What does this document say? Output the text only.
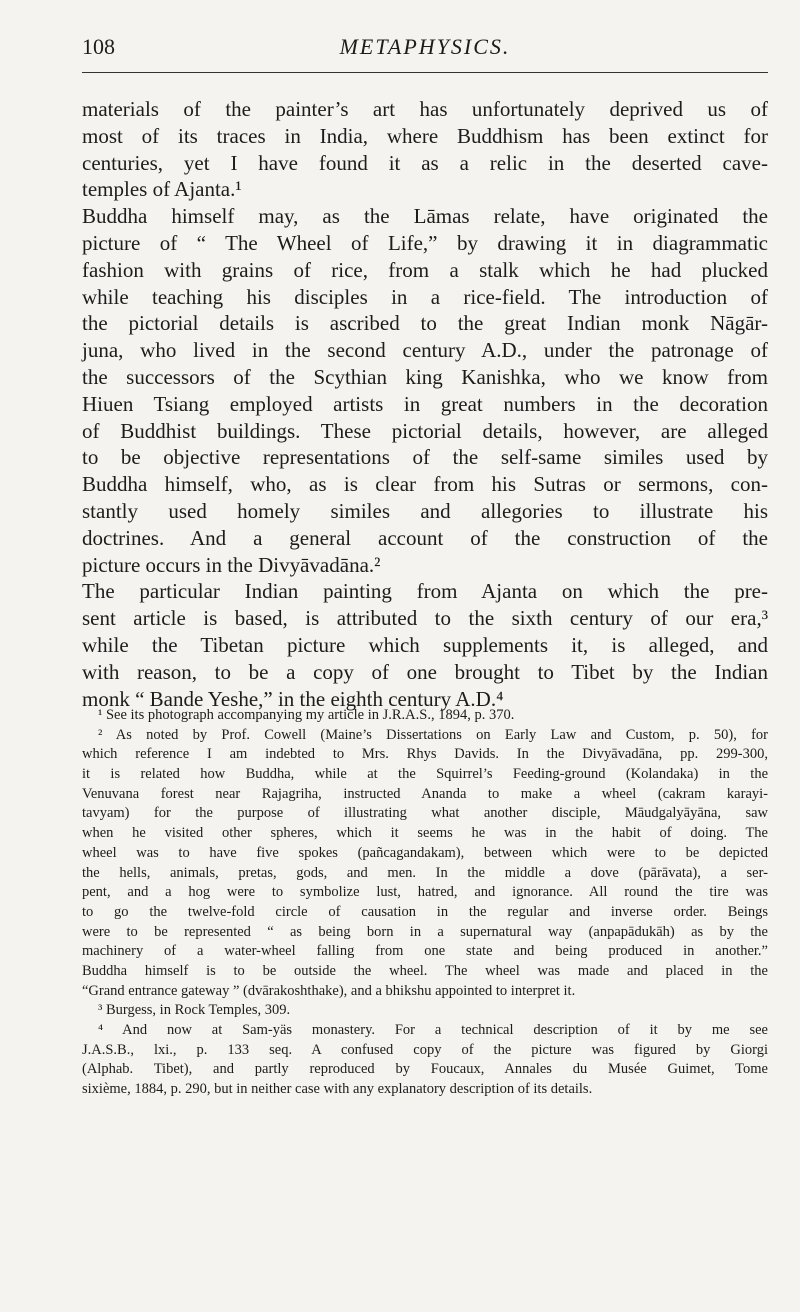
108	METAPHYSICS.
materials of the painter’s art has unfortunately deprived us of
most of its traces in India, where Buddhism has been extinct for
centuries, yet I have found it as a relic in the deserted cave-
temples of Ajanta.¹
Buddha himself may, as the Lāmas relate, have originated the
picture of “ The Wheel of Life,” by drawing it in diagrammatic
fashion with grains of rice, from a stalk which he had plucked
while teaching his disciples in a rice-field. The introduction of
the pictorial details is ascribed to the great Indian monk Nāgār-
juna, who lived in the second century A.D., under the patronage of
the successors of the Scythian king Kanishka, who we know from
Hiuen Tsiang employed artists in great numbers in the decoration
of Buddhist buildings. These pictorial details, however, are alleged
to be objective representations of the self-same similes used by
Buddha himself, who, as is clear from his Sutras or sermons, con-
stantly used homely similes and allegories to illustrate his
doctrines. And a general account of the construction of the
picture occurs in the Divyāvadāna.²
The particular Indian painting from Ajanta on which the pre-
sent article is based, is attributed to the sixth century of our era,³
while the Tibetan picture which supplements it, is alleged, and
with reason, to be a copy of one brought to Tibet by the Indian
monk “ Bande Yeshe,” in the eighth century A.D.⁴
¹ See its photograph accompanying my article in J.R.A.S., 1894, p. 370.
² As noted by Prof. Cowell (Maine’s Dissertations on Early Law and Custom, p. 50), for
which reference I am indebted to Mrs. Rhys Davids. In the Divyāvadāna, pp. 299-300,
it is related how Buddha, while at the Squirrel’s Feeding-ground (Kolandaka) in the
Venuvana forest near Rajagriha, instructed Ananda to make a wheel (cakram karayi-
tavyam) for the purpose of illustrating what another disciple, Māudgalyāyāna, saw
when he visited other spheres, which it seems he was in the habit of doing. The
wheel was to have five spokes (pañcagandakam), between which were to be depicted
the hells, animals, pretas, gods, and men. In the middle a dove (pārāvata), a ser-
pent, and a hog were to symbolize lust, hatred, and ignorance. All round the tire was
to go the twelve-fold circle of causation in the regular and inverse order. Beings
were to be represented “ as being born in a supernatural way (anpapādukāh) as by the
machinery of a water-wheel falling from one state and being produced in another.”
Buddha himself is to be outside the wheel. The wheel was made and placed in the
“Grand entrance gateway ” (dvārakoshthake), and a bhikshu appointed to interpret it.
³ Burgess, in Rock Temples, 309.
⁴ And now at Sam-yäs monastery. For a technical description of it by me see
J.A.S.B., lxi., p. 133 seq. A confused copy of the picture was figured by Giorgi
(Alphab. Tibet), and partly reproduced by Foucaux, Annales du Musée Guimet, Tome
sixième, 1884, p. 290, but in neither case with any explanatory description of its details.
